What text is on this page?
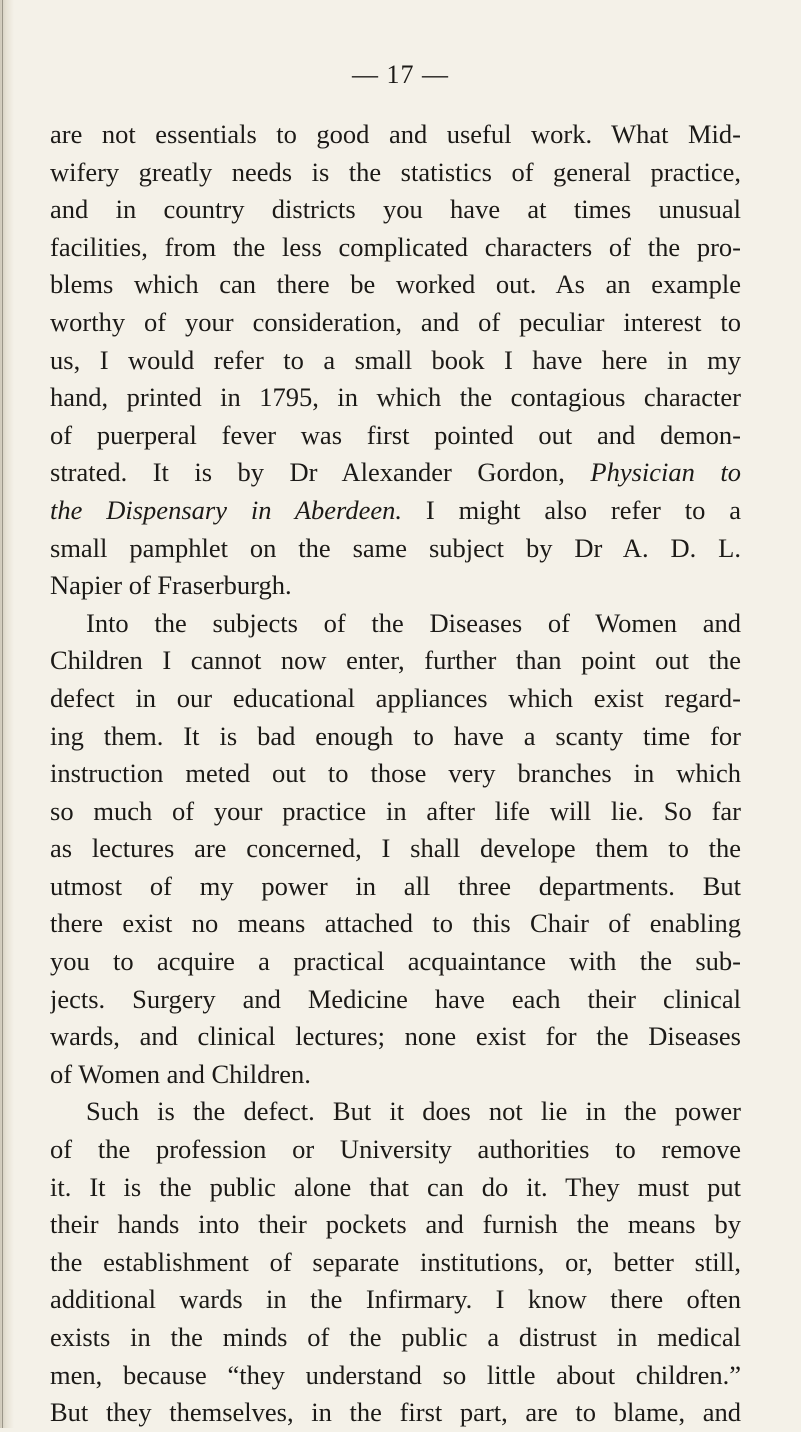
— 17 —
are not essentials to good and useful work. What Mid-
wifery greatly needs is the statistics of general practice,
and in country districts you have at times unusual
facilities, from the less complicated characters of the pro-
blems which can there be worked out. As an example
worthy of your consideration, and of peculiar interest to
us, I would refer to a small book I have here in my
hand, printed in 1795, in which the contagious character
of puerperal fever was first pointed out and demon-
strated. It is by Dr Alexander Gordon, Physician to
the Dispensary in Aberdeen. I might also refer to a
small pamphlet on the same subject by Dr A. D. L.
Napier of Fraserburgh.
Into the subjects of the Diseases of Women and
Children I cannot now enter, further than point out the
defect in our educational appliances which exist regard-
ing them. It is bad enough to have a scanty time for
instruction meted out to those very branches in which
so much of your practice in after life will lie. So far
as lectures are concerned, I shall develope them to the
utmost of my power in all three departments. But
there exist no means attached to this Chair of enabling
you to acquire a practical acquaintance with the sub-
jects. Surgery and Medicine have each their clinical
wards, and clinical lectures; none exist for the Diseases
of Women and Children.
Such is the defect. But it does not lie in the power
of the profession or University authorities to remove
it. It is the public alone that can do it. They must put
their hands into their pockets and furnish the means by
the establishment of separate institutions, or, better still,
additional wards in the Infirmary. I know there often
exists in the minds of the public a distrust in medical
men, because “they understand so little about children.”
But they themselves, in the first part, are to blame, and
